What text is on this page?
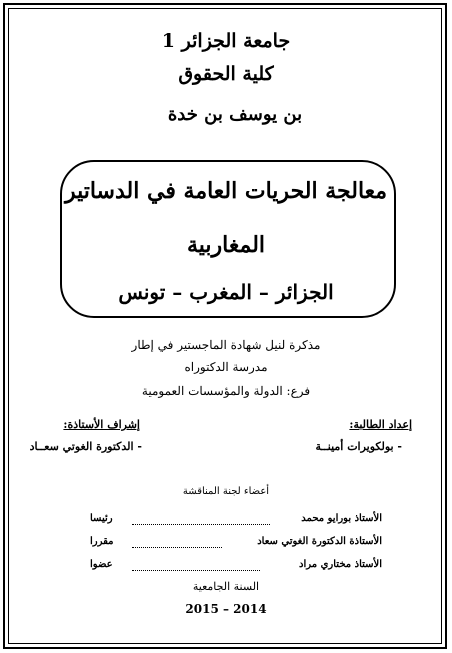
جامعة الجزائر 1
كلية الحقوق
بن يوسف بن خدة
معالجة الحريات العامة في الدساتير
المغاربية
الجزائر – المغرب – تونس
مذكرة لنيل شهادة الماجستير في إطار
مدرسة الدكتوراه
فرع: الدولة والمؤسسات العمومية
إعداد الطالبة:
إشراف الأستاذة:
- بولكويرات أمينــة
- الدكتورة الغوتي سعــاد
أعضاء لجنة المناقشة
الأستاذ بورايو محمد
رئيسا
الأستاذة الدكتورة الغوتي سعاد
مقررا
الأستاذ مختاري مراد
عضوا
السنة الجامعية
2015 – 2014
